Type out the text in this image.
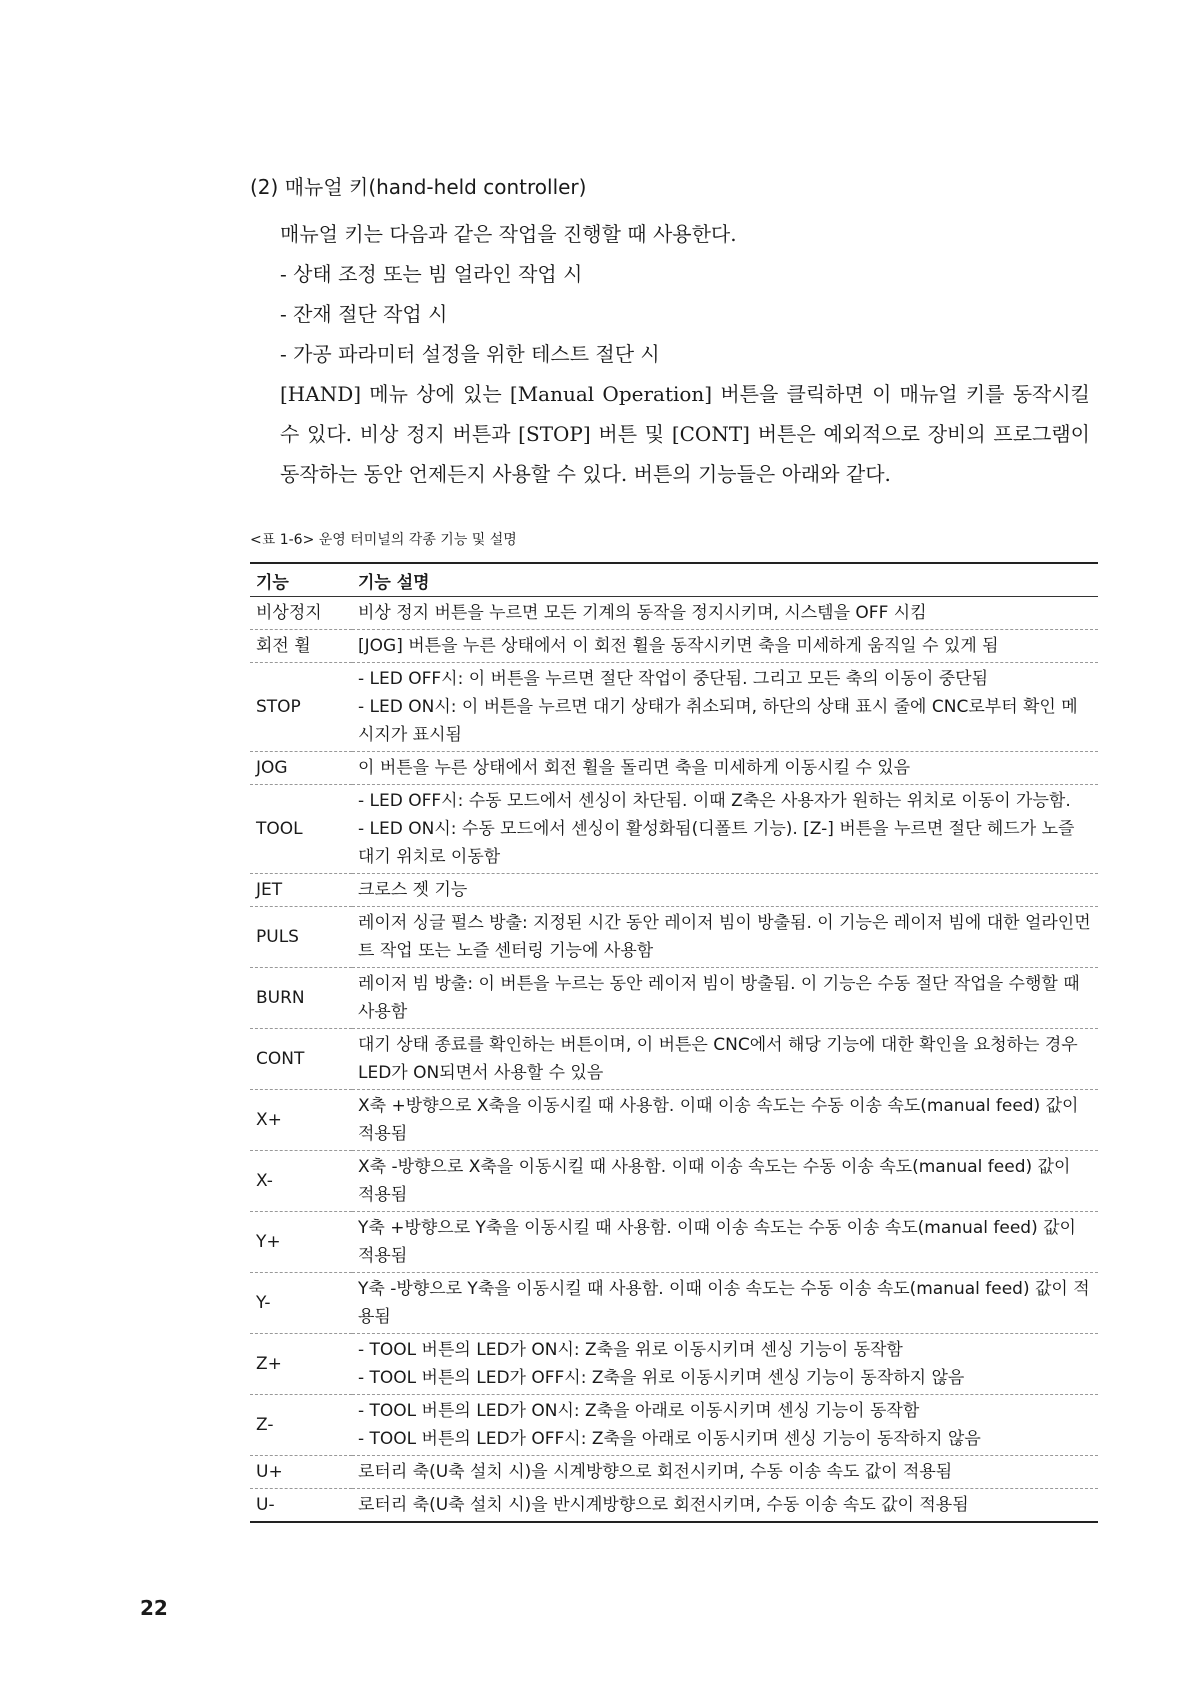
(2) 매뉴얼 키(hand-held controller)
매뉴얼 키는 다음과 같은 작업을 진행할 때 사용한다.
- 상태 조정 또는 빔 얼라인 작업 시
- 잔재 절단 작업 시
- 가공 파라미터 설정을 위한 테스트 절단 시
[HAND] 메뉴 상에 있는 [Manual Operation] 버튼을 클릭하면 이 매뉴얼 키를 동작시킬 수 있다. 비상 정지 버튼과 [STOP] 버튼 및 [CONT] 버튼은 예외적으로 장비의 프로그램이 동작하는 동안 언제든지 사용할 수 있다. 버튼의 기능들은 아래와 같다.
<표 1-6> 운영 터미널의 각종 기능 및 설명
기능	기능 설명
비상정지	비상 정지 버튼을 누르면 모든 기계의 동작을 정지시키며, 시스템을 OFF 시킴

회전 휠	[JOG] 버튼을 누른 상태에서 이 회전 휠을 동작시키면 축을 미세하게 움직일 수 있게 됨

STOP	- LED OFF시: 이 버튼을 누르면 절단 작업이 중단됨. 그리고 모든 축의 이동이 중단됨
- LED ON시: 이 버튼을 누르면 대기 상태가 취소되며, 하단의 상태 표시 줄에 CNC로부터 확인 메시지가 표시됨

JOG	이 버튼을 누른 상태에서 회전 휠을 돌리면 축을 미세하게 이동시킬 수 있음

TOOL	- LED OFF시: 수동 모드에서 센싱이 차단됨. 이때 Z축은 사용자가 원하는 위치로 이동이 가능함.
- LED ON시: 수동 모드에서 센싱이 활성화됨(디폴트 기능). [Z-] 버튼을 누르면 절단 헤드가 노즐 대기 위치로 이동함

JET	크로스 젯 기능

PULS	레이저 싱글 펄스 방출: 지정된 시간 동안 레이저 빔이 방출됨. 이 기능은 레이저 빔에 대한 얼라인먼트 작업 또는 노즐 센터링 기능에 사용함

BURN	레이저 빔 방출: 이 버튼을 누르는 동안 레이저 빔이 방출됨. 이 기능은 수동 절단 작업을 수행할 때 사용함

CONT	대기 상태 종료를 확인하는 버튼이며, 이 버튼은 CNC에서 해당 기능에 대한 확인을 요청하는 경우 LED가 ON되면서 사용할 수 있음

X+	X축 +방향으로 X축을 이동시킬 때 사용함. 이때 이송 속도는 수동 이송 속도(manual feed) 값이 적용됨

X-	X축 -방향으로 X축을 이동시킬 때 사용함. 이때 이송 속도는 수동 이송 속도(manual feed) 값이 적용됨

Y+	Y축 +방향으로 Y축을 이동시킬 때 사용함. 이때 이송 속도는 수동 이송 속도(manual feed) 값이 적용됨

Y-	Y축 -방향으로 Y축을 이동시킬 때 사용함. 이때 이송 속도는 수동 이송 속도(manual feed) 값이 적용됨

Z+	- TOOL 버튼의 LED가 ON시: Z축을 위로 이동시키며 센싱 기능이 동작함
- TOOL 버튼의 LED가 OFF시: Z축을 위로 이동시키며 센싱 기능이 동작하지 않음

Z-	- TOOL 버튼의 LED가 ON시: Z축을 아래로 이동시키며 센싱 기능이 동작함
- TOOL 버튼의 LED가 OFF시: Z축을 아래로 이동시키며 센싱 기능이 동작하지 않음

U+	로터리 축(U축 설치 시)을 시계방향으로 회전시키며, 수동 이송 속도 값이 적용됨

U-	로터리 축(U축 설치 시)을 반시계방향으로 회전시키며, 수동 이송 속도 값이 적용됨
22
